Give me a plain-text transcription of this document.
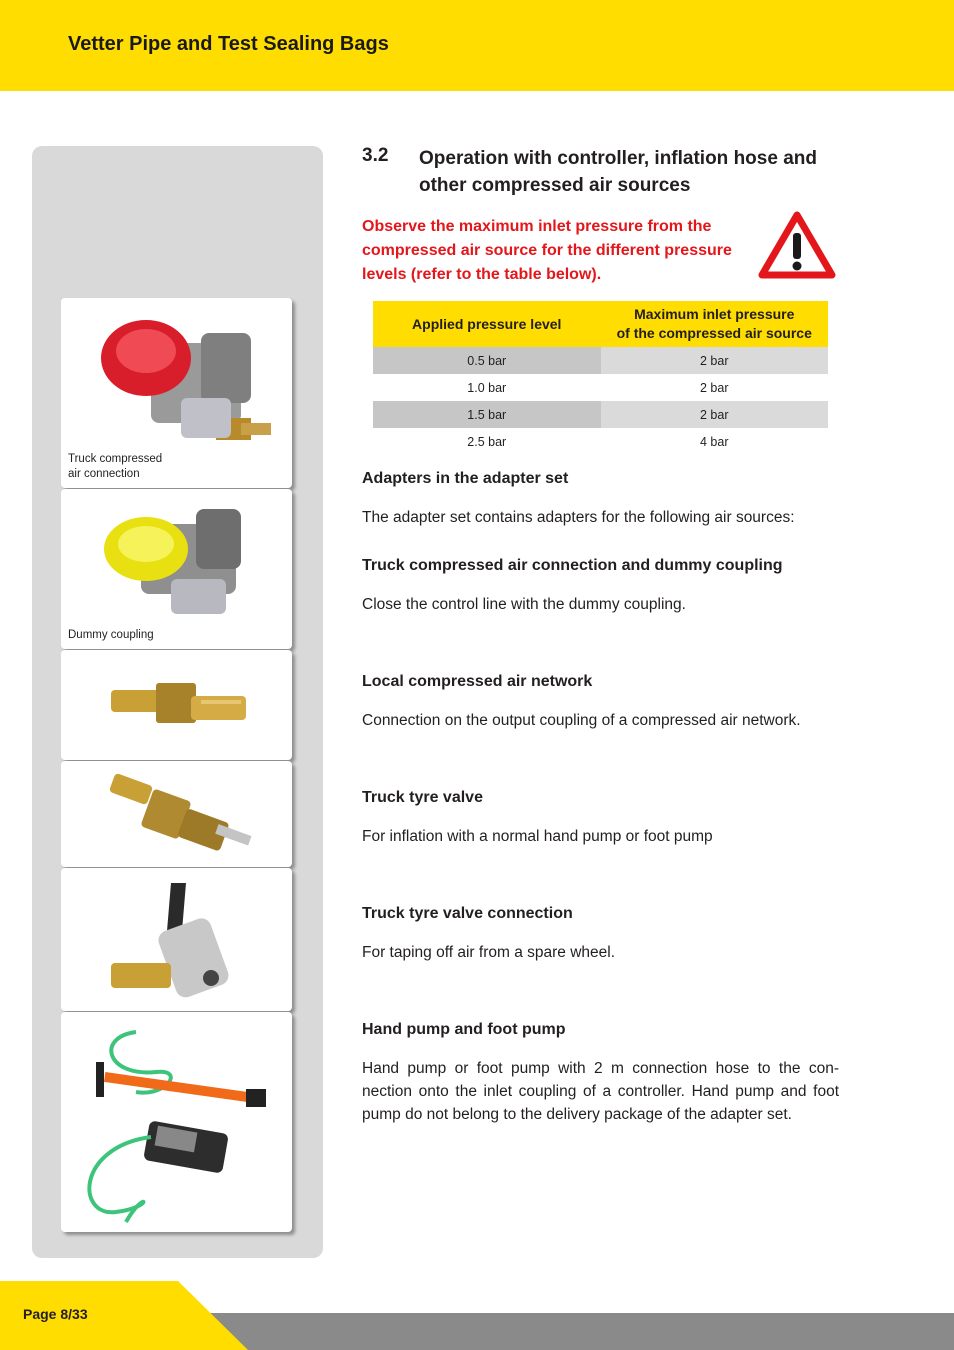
Vetter Pipe and Test Sealing Bags
Truck compressed
air connection
Dummy coupling
3.2 Operation with controller, inflation hose and other compressed air sources
Observe the maximum inlet pressure from the compressed air source for the different pressure levels (refer to the table below).
Applied pressure level	Maximum inlet pressure
of the compressed air source
0.5 bar	2 bar
1.0 bar	2 bar
1.5 bar	2 bar
2.5 bar	4 bar
Adapters in the adapter set
The adapter set contains adapters for the following air sources:
Truck compressed air connection and dummy coupling
Close the control line with the dummy coupling.
Local compressed air network
Connection on the output coupling of a compressed air network.
Truck tyre valve
For inflation with a normal hand pump or foot pump
Truck tyre valve connection
For taping off air from a spare wheel.
Hand pump and foot pump
Hand pump or foot pump with 2 m connection hose to the con-nection onto the inlet coupling of a controller. Hand pump and foot pump do not belong to the delivery package of the adapter set.
Page 8/33
